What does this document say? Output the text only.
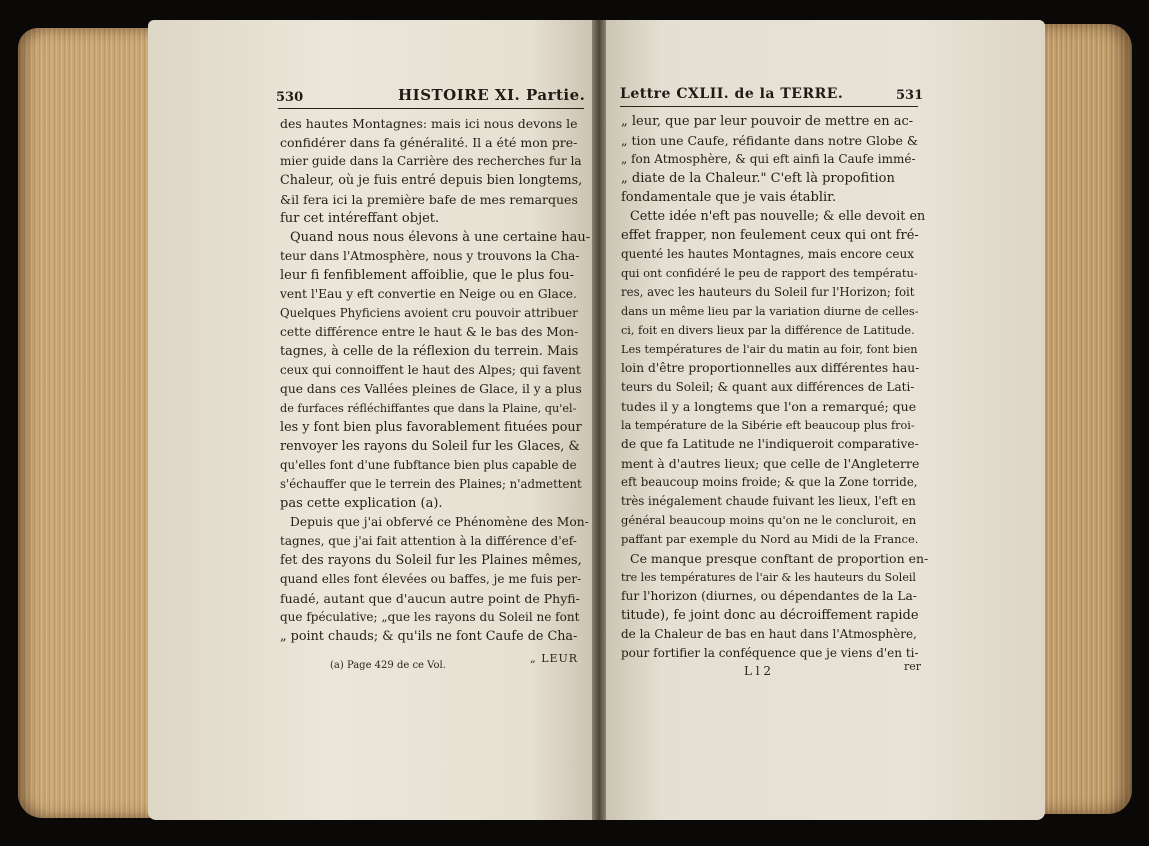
530	HISTOIRE XI. Partie.	Lettre CXLII. de la TERRE.	531
des hautes Montagnes: mais ici nous devons le
confidérer dans fa généralité. Il a été mon pre-
mier guide dans la Carrière des recherches fur la
Chaleur, où je fuis entré depuis bien longtems,
&il fera ici la première bafe de mes remarques
fur cet intéreffant objet.
Quand nous nous élevons à une certaine hau-
teur dans l'Atmosphère, nous y trouvons la Cha-
leur fi fenfiblement affoiblie, que le plus fou-
vent l'Eau y eft convertie en Neige ou en Glace.
Quelques Phyficiens avoient cru pouvoir attribuer
cette différence entre le haut & le bas des Mon-
tagnes, à celle de la réflexion du terrein. Mais
ceux qui connoiffent le haut des Alpes; qui favent
que dans ces Vallées pleines de Glace, il y a plus
de furfaces réfléchiffantes que dans la Plaine, qu'el-
les y font bien plus favorablement fituées pour
renvoyer les rayons du Soleil fur les Glaces, &
qu'elles font d'une fubftance bien plus capable de
s'échauffer que le terrein des Plaines; n'admettent
pas cette explication (a).
Depuis que j'ai obfervé ce Phénomène des Mon-
tagnes, que j'ai fait attention à la différence d'ef-
fet des rayons du Soleil fur les Plaines mêmes,
quand elles font élevées ou baffes, je me fuis per-
fuadé, autant que d'aucun autre point de Phyfi-
que fpéculative; „que les rayons du Soleil ne font
„ point chauds; & qu'ils ne font Caufe de Cha-
(a) Page 429 de ce Vol.
„ LEUR
„ leur, que par leur pouvoir de mettre en ac-
„ tion une Caufe, réfidante dans notre Globe &
„ fon Atmosphère, & qui eft ainfi la Caufe immé-
„ diate de la Chaleur." C'eft là propofition
fondamentale que je vais établir.
Cette idée n'eft pas nouvelle; & elle devoit en
effet frapper, non feulement ceux qui ont fré-
quenté les hautes Montagnes, mais encore ceux
qui ont confidéré le peu de rapport des températu-
res, avec les hauteurs du Soleil fur l'Horizon; foit
dans un même lieu par la variation diurne de celles-
ci, foit en divers lieux par la différence de Latitude.
Les températures de l'air du matin au foir, font bien
loin d'être proportionnelles aux différentes hau-
teurs du Soleil; & quant aux différences de Lati-
tudes il y a longtems que l'on a remarqué; que
la température de la Sibérie eft beaucoup plus froi-
de que fa Latitude ne l'indiqueroit comparative-
ment à d'autres lieux; que celle de l'Angleterre
eft beaucoup moins froide; & que la Zone torride,
très inégalement chaude fuivant les lieux, l'eft en
général beaucoup moins qu'on ne le concluroit, en
paffant par exemple du Nord au Midi de la France.
Ce manque presque conftant de proportion en-
tre les températures de l'air & les hauteurs du Soleil
fur l'horizon (diurnes, ou dépendantes de la La-
titude), fe joint donc au décroiffement rapide
de la Chaleur de bas en haut dans l'Atmosphère,
pour fortifier la conféquence que je viens d'en ti-
L l 2	rer
